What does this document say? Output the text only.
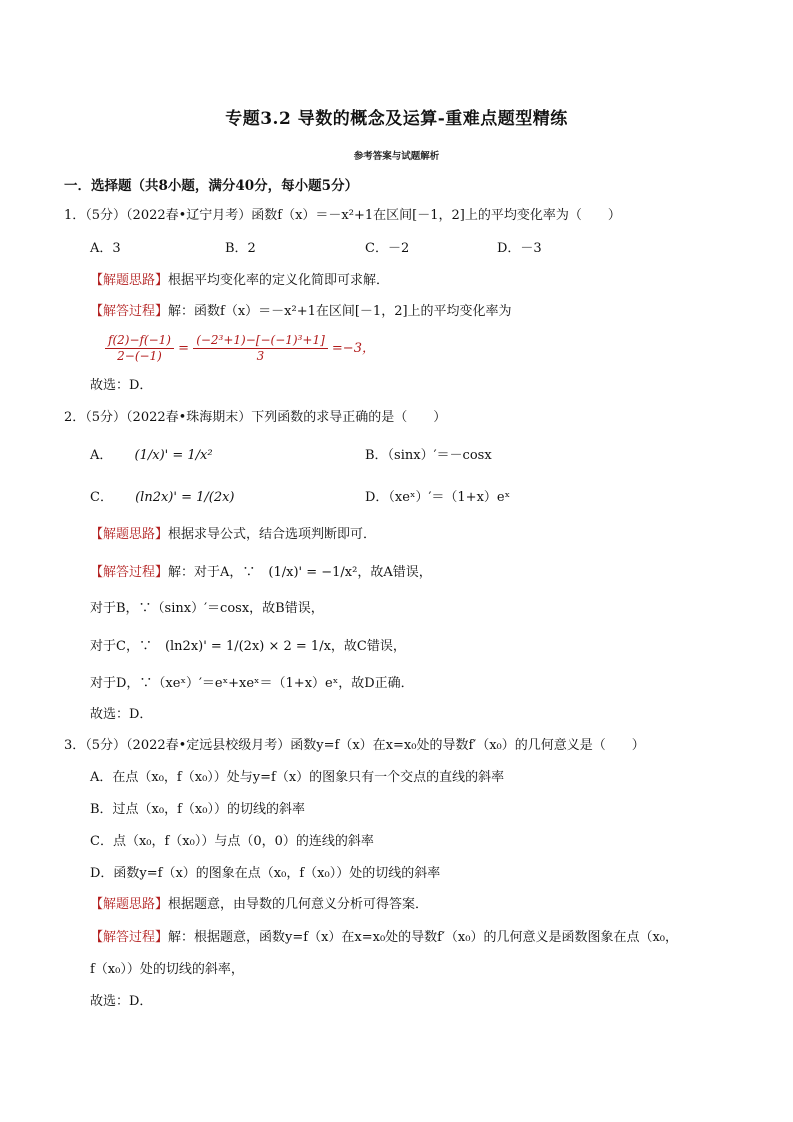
专题3.2 导数的概念及运算-重难点题型精练
参考答案与试题解析
一．选择题（共8小题，满分40分，每小题5分）
1．（5分）（2022春•辽宁月考）函数f（x）＝－x²+1在区间[－1，2]上的平均变化率为（　　）
A．3	B．2	C．－2	D．－3
【解题思路】根据平均变化率的定义化简即可求解．
【解答过程】解：函数f（x）＝－x²+1在区间[－1，2]上的平均变化率为
$\frac{f(2)-f(-1)}{2-(-1)} = \frac{\text{(−2³+1)−[−(−1)³+1]}}{3} =-3$，
故选：D．
2．（5分）（2022春•珠海期末）下列函数的求导正确的是（　　）
A． (1/x)' = 1/x²	B．（sinx）′＝－cosx
C． (ln2x)' = 1/(2x)	D．（xeˣ）′＝（1+x）eˣ
【解题思路】根据求导公式，结合选项判断即可．
【解答过程】解：对于A，∵　(1/x)' = −1/x²，故A错误，
对于B，∵（sinx）′＝cosx，故B错误，
对于C，∵　(ln2x)' = 1/(2x) × 2 = 1/x，故C错误，
对于D，∵（xeˣ）′＝eˣ+xeˣ＝（1+x）eˣ，故D正确．
故选：D．
3．（5分）（2022春•定远县校级月考）函数y=f（x）在x=x₀处的导数f′（x₀）的几何意义是（　　）
A．在点（x₀，f（x₀））处与y=f（x）的图象只有一个交点的直线的斜率
B．过点（x₀，f（x₀））的切线的斜率
C．点（x₀，f（x₀））与点（0，0）的连线的斜率
D．函数y=f（x）的图象在点（x₀，f（x₀））处的切线的斜率
【解题思路】根据题意，由导数的几何意义分析可得答案．
【解答过程】解：根据题意，函数y=f（x）在x=x₀处的导数f′（x₀）的几何意义是函数图象在点（x₀，
f（x₀））处的切线的斜率，
故选：D．
